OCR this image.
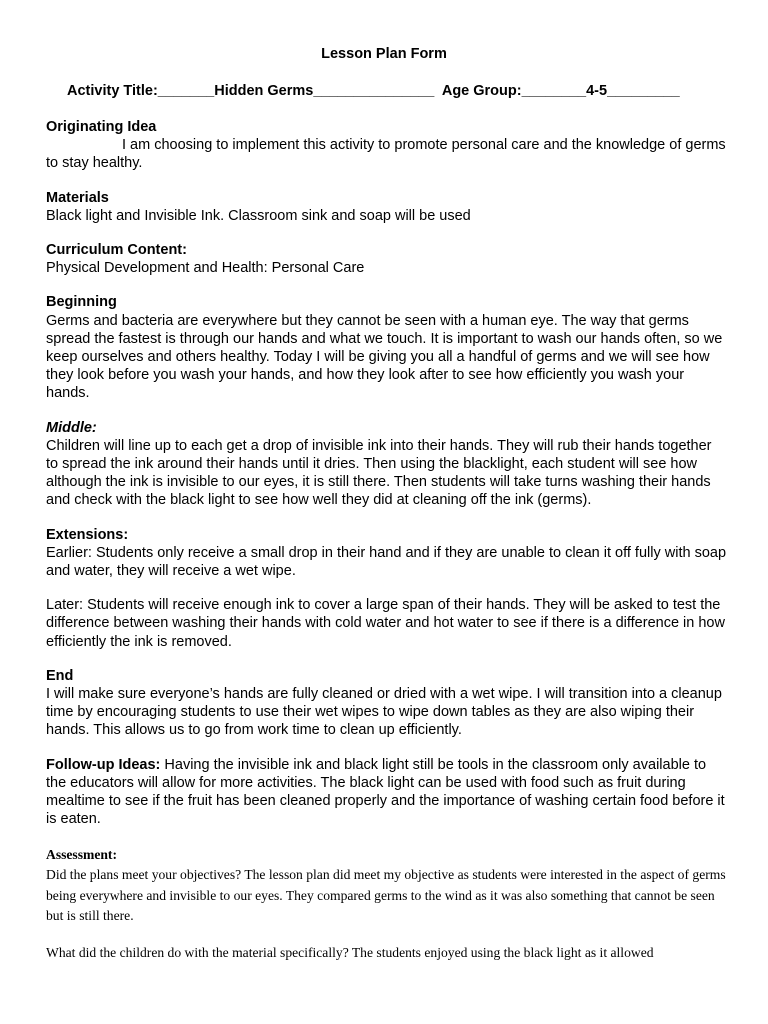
Lesson Plan Form
Activity Title:_______Hidden Germs_______________ Age Group:________4-5_________
Originating Idea
I am choosing to implement this activity to promote personal care and the knowledge of germs
to stay healthy.
Materials
Black light and Invisible Ink. Classroom sink and soap will be used
Curriculum Content:
Physical Development and Health: Personal Care
Beginning
Germs and bacteria are everywhere but they cannot be seen with a human eye. The way that germs spread the fastest is through our hands and what we touch. It is important to wash our hands often, so we keep ourselves and others healthy. Today I will be giving you all a handful of germs and we will see how they look before you wash your hands, and how they look after to see how efficiently you wash your hands.
Middle:
Children will line up to each get a drop of invisible ink into their hands. They will rub their hands together to spread the ink around their hands until it dries. Then using the blacklight, each student will see how although the ink is invisible to our eyes, it is still there. Then students will take turns washing their hands and check with the black light to see how well they did at cleaning off the ink (germs).
Extensions:
Earlier: Students only receive a small drop in their hand and if they are unable to clean it off fully with soap and water, they will receive a wet wipe.
Later: Students will receive enough ink to cover a large span of their hands. They will be asked to test the difference between washing their hands with cold water and hot water to see if there is a difference in how efficiently the ink is removed.
End
I will make sure everyone’s hands are fully cleaned or dried with a wet wipe. I will transition into a cleanup time by encouraging students to use their wet wipes to wipe down tables as they are also wiping their hands. This allows us to go from work time to clean up efficiently.
Follow-up Ideas: Having the invisible ink and black light still be tools in the classroom only available to the educators will allow for more activities. The black light can be used with food such as fruit during mealtime to see if the fruit has been cleaned properly and the importance of washing certain food before it is eaten.
Assessment:
Did the plans meet your objectives? The lesson plan did meet my objective as students were interested in the aspect of germs being everywhere and invisible to our eyes. They compared germs to the wind as it was also something that cannot be seen but is still there.
What did the children do with the material specifically? The students enjoyed using the black light as it allowed
